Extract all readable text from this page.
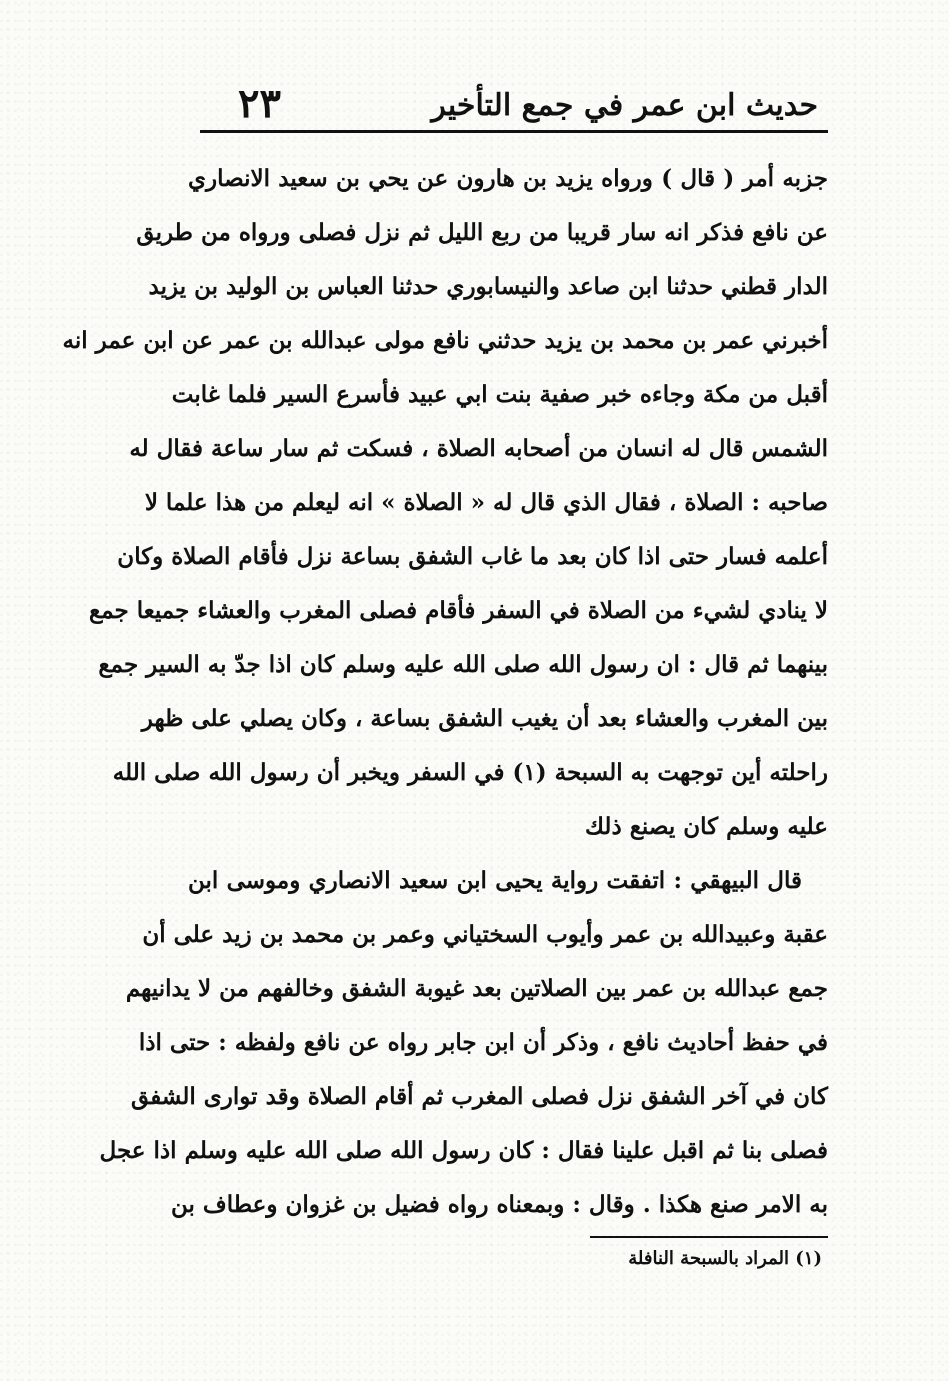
حديث ابن عمر في جمع التأخير
٢٣
جزبه أمر ( قال ) ورواه يزيد بن هارون عن يحي بن سعيد الانصاري
عن نافع فذكر انه سار قريبا من ربع الليل ثم نزل فصلى ورواه من طريق
الدار قطني حدثنا ابن صاعد والنيسابوري حدثنا العباس بن الوليد بن يزيد
أخبرني عمر بن محمد بن يزيد حدثني نافع مولى عبدالله بن عمر عن ابن عمر انه
أقبل من مكة وجاءه خبر صفية بنت ابي عبيد فأسرع السير فلما غابت
الشمس قال له انسان من أصحابه الصلاة ، فسكت ثم سار ساعة فقال له
صاحبه : الصلاة ، فقال الذي قال له « الصلاة » انه ليعلم من هذا علما لا
أعلمه فسار حتى اذا كان بعد ما غاب الشفق بساعة نزل فأقام الصلاة وكان
لا ينادي لشيء من الصلاة في السفر فأقام فصلى المغرب والعشاء جميعا جمع
بينهما ثم قال : ان رسول الله صلى الله عليه وسلم كان اذا جدّ به السير جمع
بين المغرب والعشاء بعد أن يغيب الشفق بساعة ، وكان يصلي على ظهر
راحلته أين توجهت به السبحة (١) في السفر ويخبر أن رسول الله صلى الله
عليه وسلم كان يصنع ذلك
قال البيهقي : اتفقت رواية يحيى ابن سعيد الانصاري وموسى ابن
عقبة وعبيدالله بن عمر وأيوب السختياني وعمر بن محمد بن زيد على أن
جمع عبدالله بن عمر بين الصلاتين بعد غيوبة الشفق وخالفهم من لا يدانيهم
في حفظ أحاديث نافع ، وذكر أن ابن جابر رواه عن نافع ولفظه : حتى اذا
كان في آخر الشفق نزل فصلى المغرب ثم أقام الصلاة وقد توارى الشفق
فصلى بنا ثم اقبل علينا فقال : كان رسول الله صلى الله عليه وسلم اذا عجل
به الامر صنع هكذا . وقال : وبمعناه رواه فضيل بن غزوان وعطاف بن
(١) المراد بالسبحة النافلة
